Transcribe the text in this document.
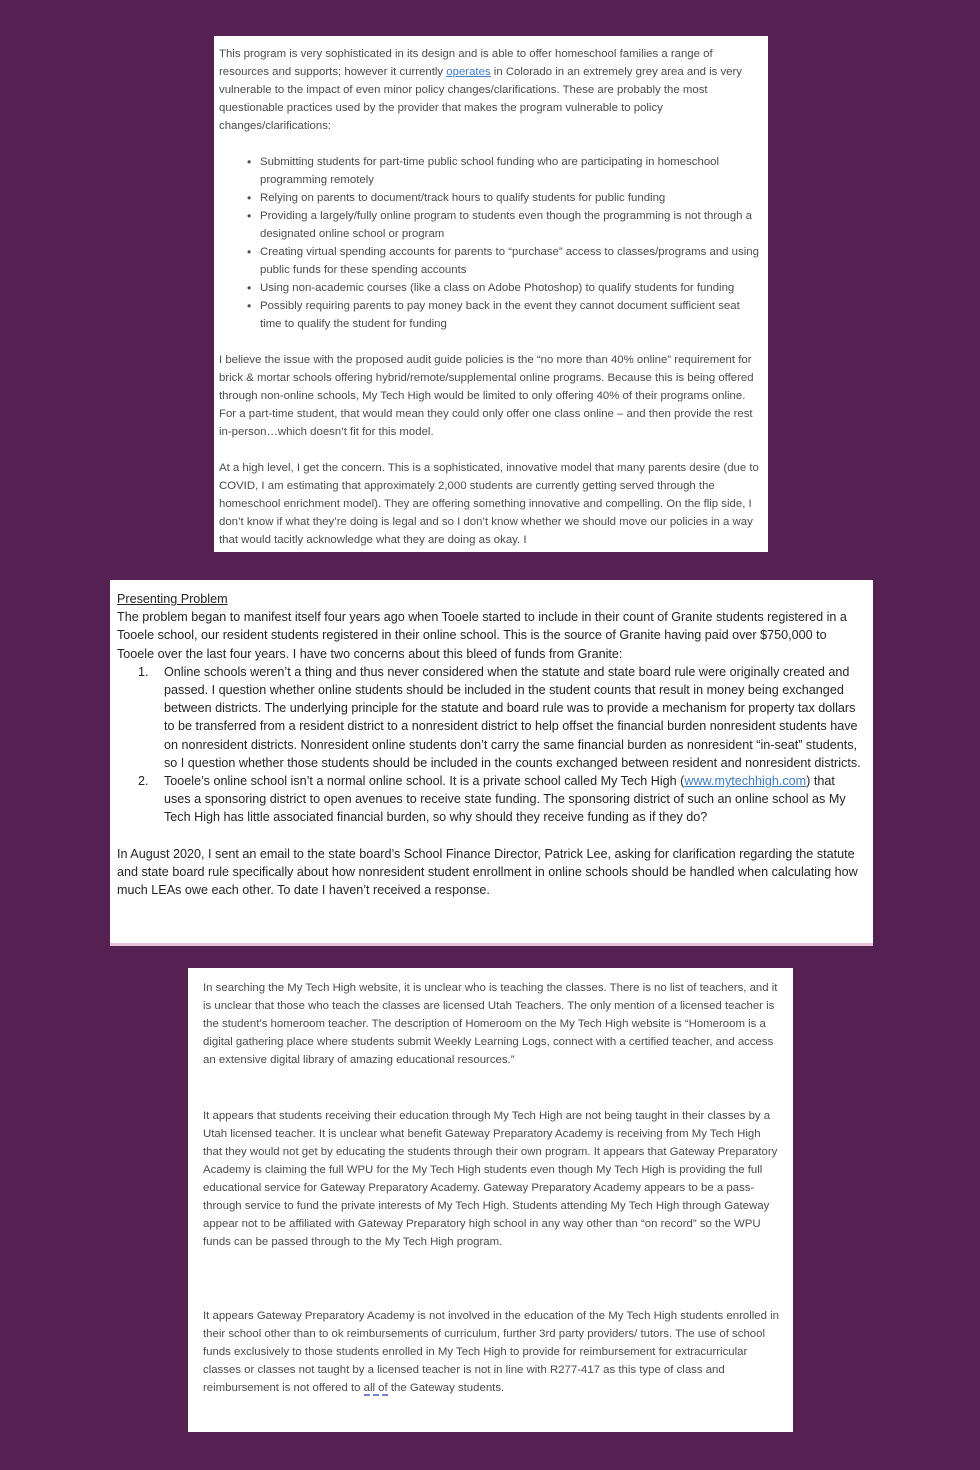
This program is very sophisticated in its design and is able to offer homeschool families a range of resources and supports; however it currently operates in Colorado in an extremely grey area and is very vulnerable to the impact of even minor policy changes/clarifications. These are probably the most questionable practices used by the provider that makes the program vulnerable to policy changes/clarifications:

• Submitting students for part-time public school funding who are participating in homeschool programming remotely
• Relying on parents to document/track hours to qualify students for public funding
• Providing a largely/fully online program to students even though the programming is not through a designated online school or program
• Creating virtual spending accounts for parents to “purchase” access to classes/programs and using public funds for these spending accounts
• Using non-academic courses (like a class on Adobe Photoshop) to qualify students for funding
• Possibly requiring parents to pay money back in the event they cannot document sufficient seat time to qualify the student for funding

I believe the issue with the proposed audit guide policies is the “no more than 40% online” requirement for brick & mortar schools offering hybrid/remote/supplemental online programs. Because this is being offered through non-online schools, My Tech High would be limited to only offering 40% of their programs online. For a part-time student, that would mean they could only offer one class online – and then provide the rest in-person…which doesn’t fit for this model.

At a high level, I get the concern. This is a sophisticated, innovative model that many parents desire (due to COVID, I am estimating that approximately 2,000 students are currently getting served through the homeschool enrichment model). They are offering something innovative and compelling. On the flip side, I don’t know if what they’re doing is legal and so I don’t know whether we should move our policies in a way that would tacitly acknowledge what they are doing as okay. I

Presenting Problem

The problem began to manifest itself four years ago when Tooele started to include in their count of Granite students registered in a Tooele school, our resident students registered in their online school. This is the source of Granite having paid over $750,000 to Tooele over the last four years. I have two concerns about this bleed of funds from Granite:

Online schools weren’t a thing and thus never considered when the statute and state board rule were originally created and passed. I question whether online students should be included in the student counts that result in money being exchanged between districts. The underlying principle for the statute and board rule was to provide a mechanism for property tax dollars to be transferred from a resident district to a nonresident district to help offset the financial burden nonresident students have on nonresident districts. Nonresident online students don’t carry the same financial burden as nonresident “in-seat” students, so I question whether those students should be included in the counts exchanged between resident and nonresident districts.
Tooele’s online school isn’t a normal online school. It is a private school called My Tech High (www.mytechhigh.com) that uses a sponsoring district to open avenues to receive state funding. The sponsoring district of such an online school as My Tech High has little associated financial burden, so why should they receive funding as if they do?

In August 2020, I sent an email to the state board’s School Finance Director, Patrick Lee, asking for clarification regarding the statute and state board rule specifically about how nonresident student enrollment in online schools should be handled when calculating how much LEAs owe each other. To date I haven’t received a response.

In searching the My Tech High website, it is unclear who is teaching the classes. There is no list of teachers, and it is unclear that those who teach the classes are licensed Utah Teachers. The only mention of a licensed teacher is the student’s homeroom teacher. The description of Homeroom on the My Tech High website is “Homeroom is a digital gathering place where students submit Weekly Learning Logs, connect with a certified teacher, and access an extensive digital library of amazing educational resources.”

It appears that students receiving their education through My Tech High are not being taught in their classes by a Utah licensed teacher. It is unclear what benefit Gateway Preparatory Academy is receiving from My Tech High that they would not get by educating the students through their own program. It appears that Gateway Preparatory Academy is claiming the full WPU for the My Tech High students even though My Tech High is providing the full educational service for Gateway Preparatory Academy. Gateway Preparatory Academy appears to be a pass-through service to fund the private interests of My Tech High. Students attending My Tech High through Gateway appear not to be affiliated with Gateway Preparatory high school in any way other than “on record” so the WPU funds can be passed through to the My Tech High program.

It appears Gateway Preparatory Academy is not involved in the education of the My Tech High students enrolled in their school other than to ok reimbursements of curriculum, further 3rd party providers/ tutors. The use of school funds exclusively to those students enrolled in My Tech High to provide for reimbursement for extracurricular classes or classes not taught by a licensed teacher is not in line with R277-417 as this type of class and reimbursement is not offered to all of the Gateway students.
